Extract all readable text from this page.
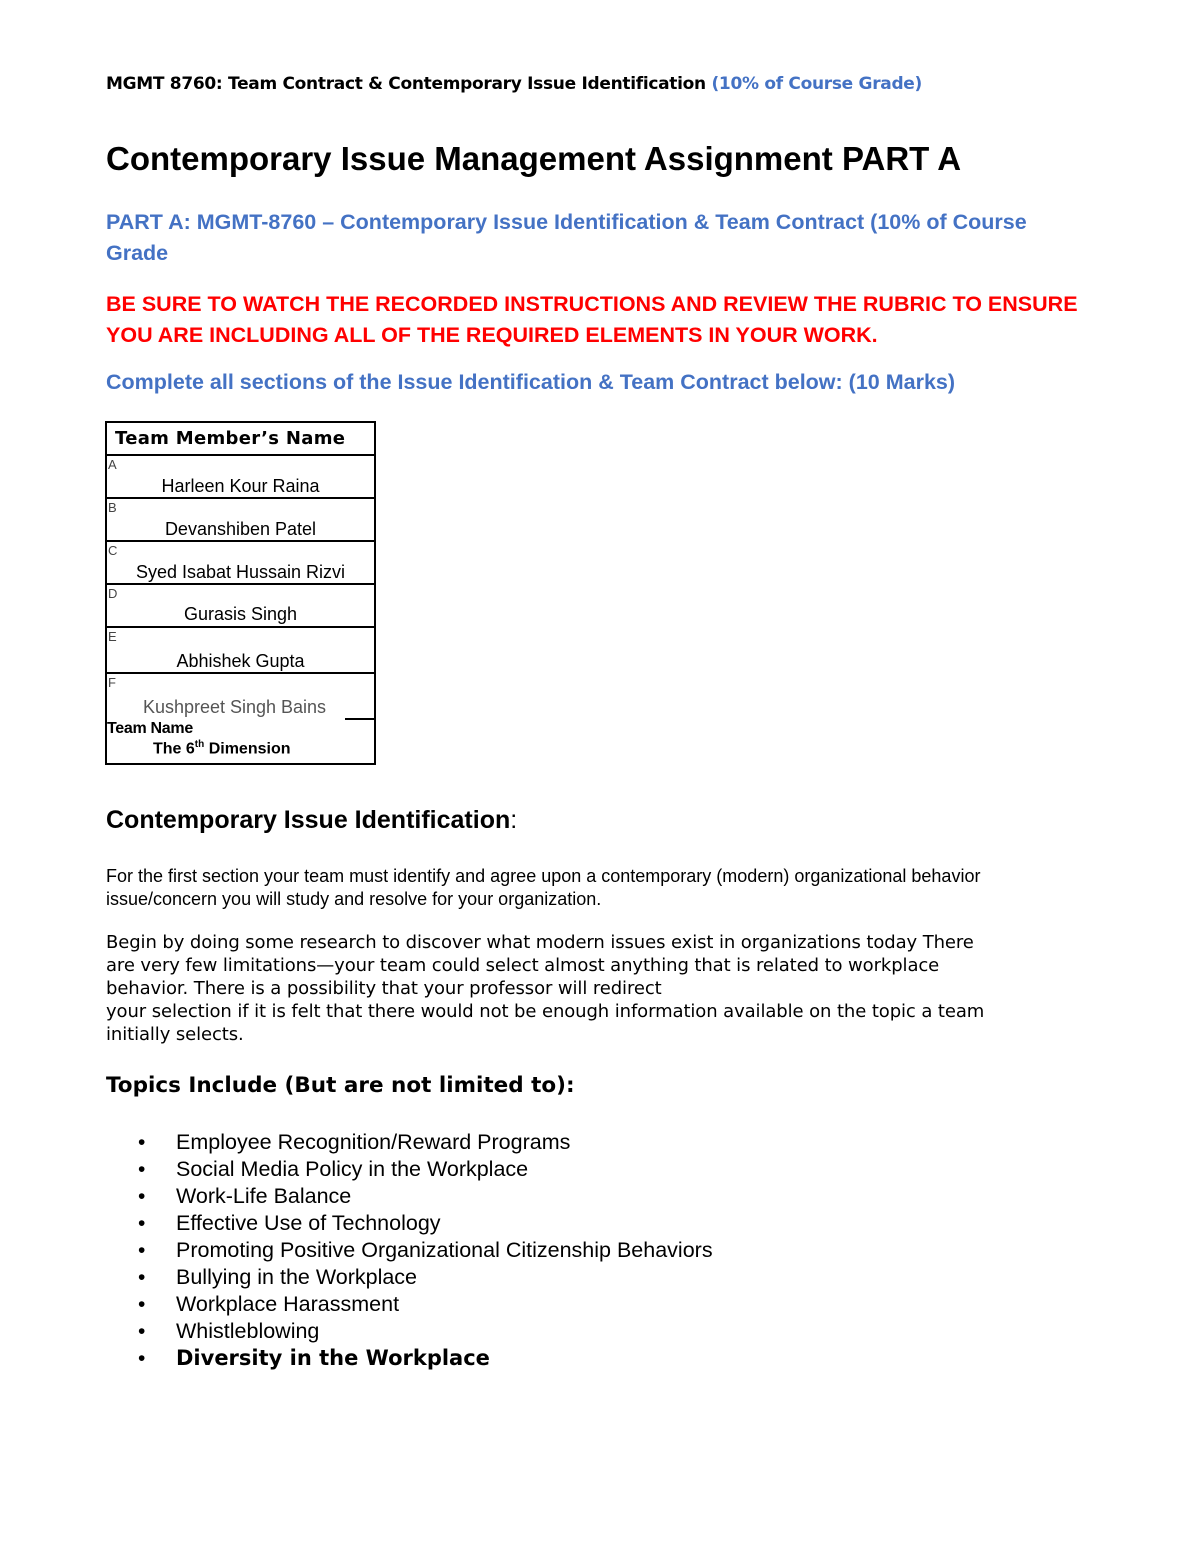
MGMT 8760: Team Contract & Contemporary Issue Identification (10% of Course Grade)
Contemporary Issue Management Assignment PART A

PART A: MGMT-8760 – Contemporary Issue Identification & Team Contract (10% of Course Grade

BE SURE TO WATCH THE RECORDED INSTRUCTIONS AND REVIEW THE RUBRIC TO ENSURE YOU ARE INCLUDING ALL OF THE REQUIRED ELEMENTS IN YOUR WORK.

Complete all sections of the Issue Identification & Team Contract below: (10 Marks)

Team Member’s Name
A
Harleen Kour Raina
B
Devanshiben Patel
C
Syed Isabat Hussain Rizvi
D
Gurasis Singh
E
Abhishek Gupta
F
Kushpreet Singh Bains
Team Name
The 6th Dimension
Contemporary Issue Identification:

For the first section your team must identify and agree upon a contemporary (modern) organizational behavior issue/concern you will study and resolve for your organization.

Begin by doing some research to discover what modern issues exist in organizations today There
are very few limitations—your team could select almost anything that is related to workplace
behavior. There is a possibility that your professor will redirect
your selection if it is felt that there would not be enough information available on the topic a team
initially selects.

Topics Include (But are not limited to):
• Employee Recognition/Reward Programs
• Social Media Policy in the Workplace
• Work-Life Balance
• Effective Use of Technology
• Promoting Positive Organizational Citizenship Behaviors
• Bullying in the Workplace
• Workplace Harassment
• Whistleblowing
• Diversity in the Workplace
